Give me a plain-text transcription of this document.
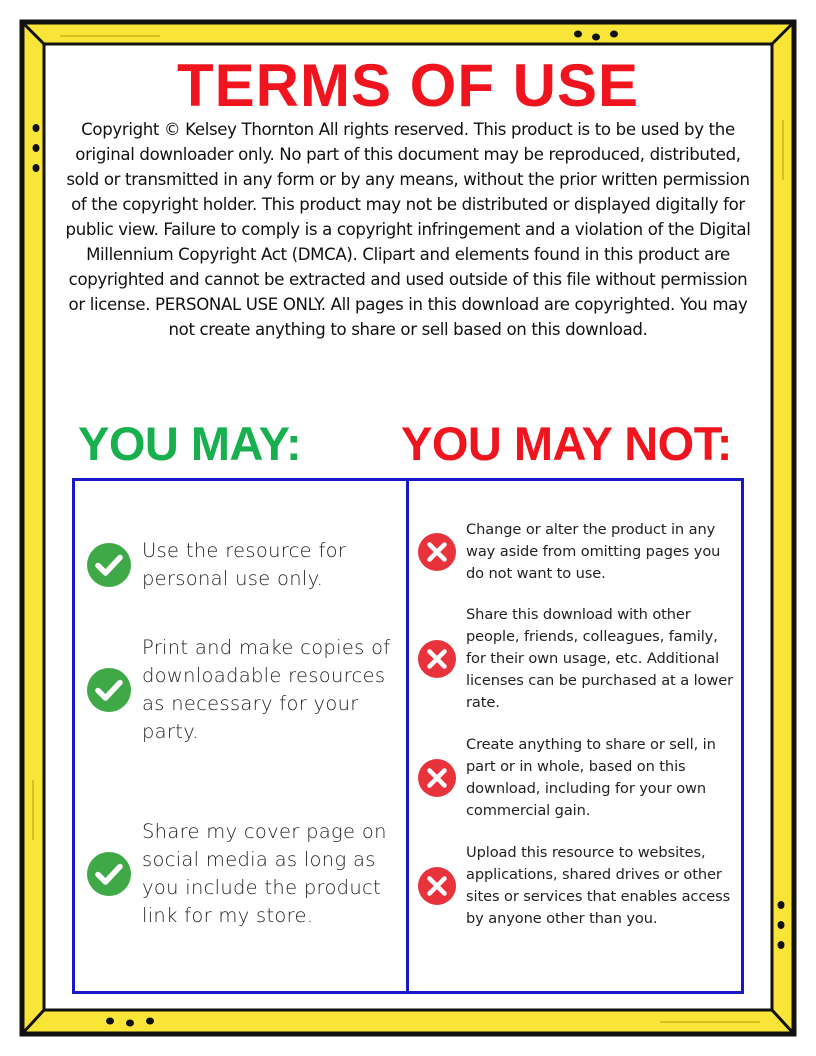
TERMS OF USE

Copyright © Kelsey Thornton All rights reserved. This product is to be used by the original downloader only. No part of this document may be reproduced, distributed, sold or transmitted in any form or by any means, without the prior written permission of the copyright holder. This product may not be distributed or displayed digitally for public view. Failure to comply is a copyright infringement and a violation of the Digital Millennium Copyright Act (DMCA). Clipart and elements found in this product are copyrighted and cannot be extracted and used outside of this file without permission or license. PERSONAL USE ONLY. All pages in this download are copyrighted. You may not create anything to share or sell based on this download.

YOU MAY: YOU MAY NOT:

Use the resource for personal use only.

Print and make copies of downloadable resources as necessary for your party.

Share my cover page on social media as long as you include the product link for my store.

Change or alter the product in any way aside from omitting pages you do not want to use.

Share this download with other people, friends, colleagues, family, for their own usage, etc. Additional licenses can be purchased at a lower rate.

Create anything to share or sell, in part or in whole, based on this download, including for your own commercial gain.

Upload this resource to websites, applications, shared drives or other sites or services that enables access by anyone other than you.
